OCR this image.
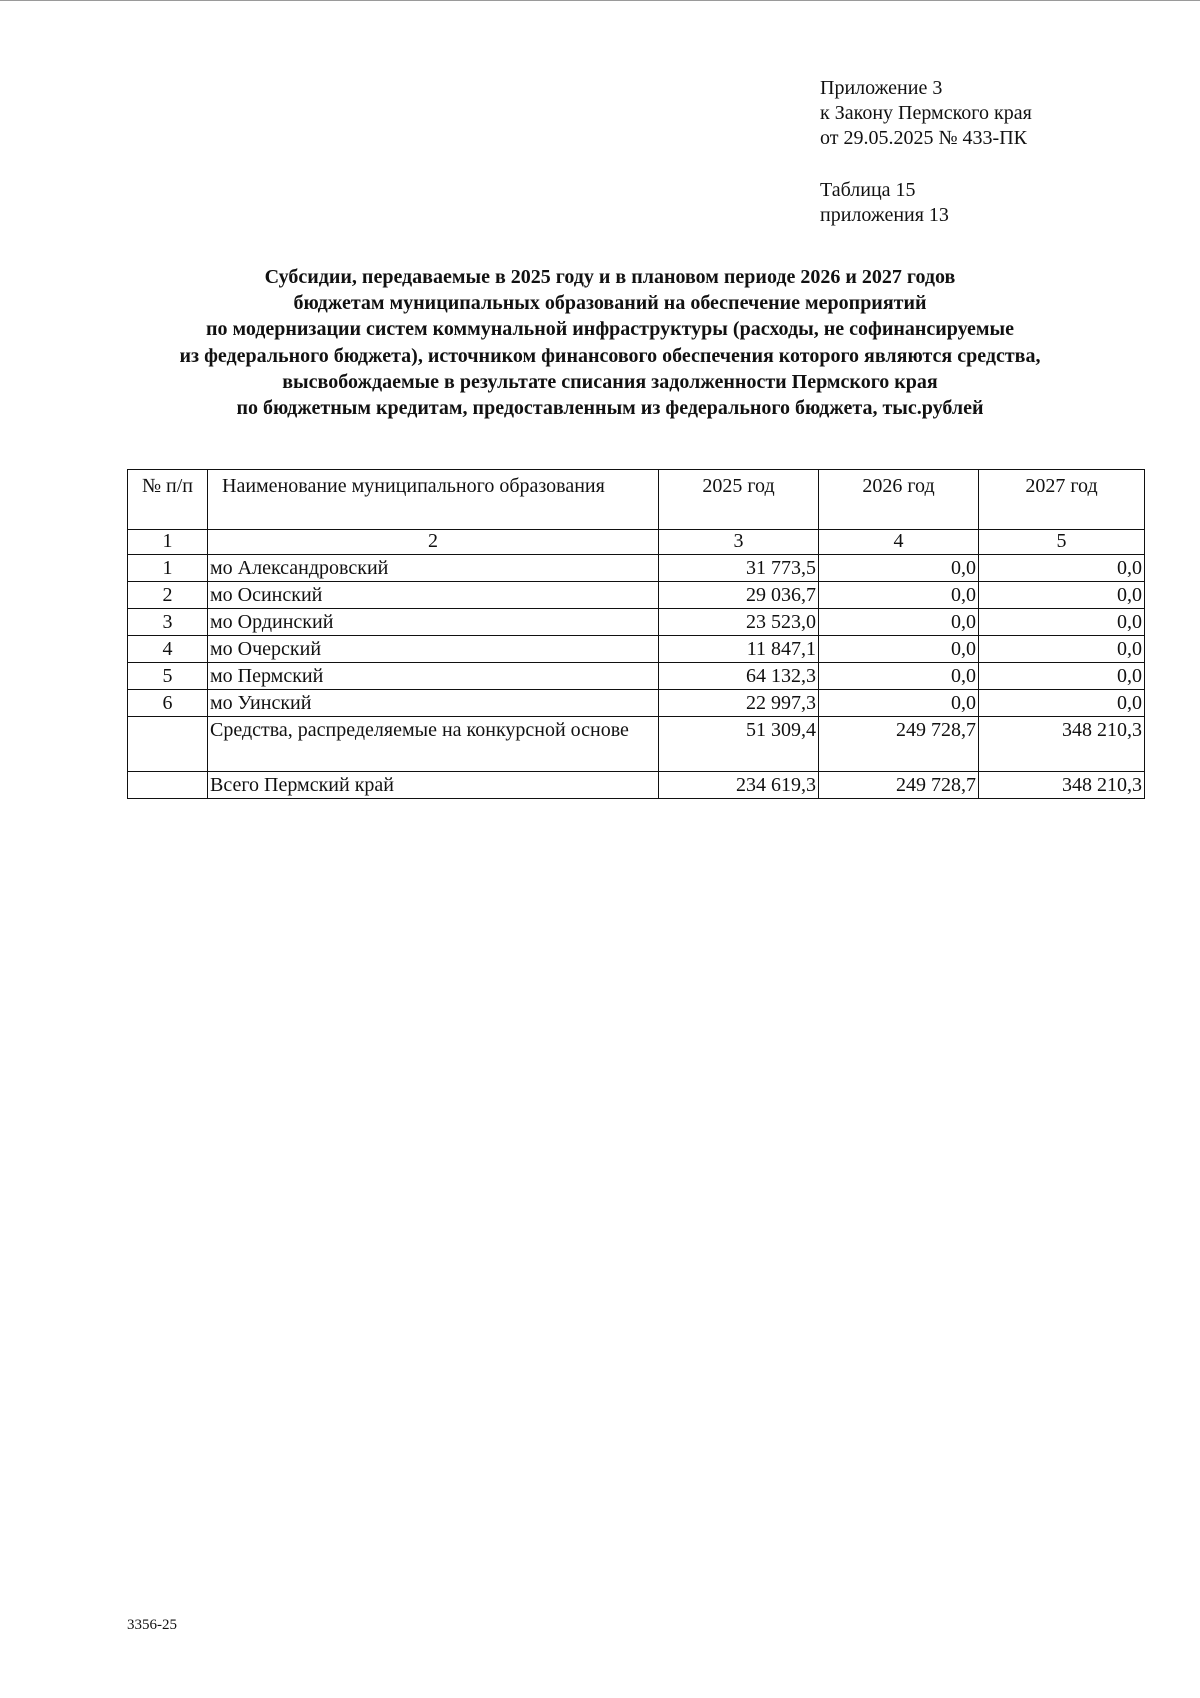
Приложение 3
к Закону Пермского края
от 29.05.2025 № 433-ПК
Таблица 15
приложения 13
Субсидии, передаваемые в 2025 году и в плановом периоде 2026 и 2027 годов
бюджетам муниципальных образований на обеспечение мероприятий
по модернизации систем коммунальной инфраструктуры (расходы, не софинансируемые
из федерального бюджета), источником финансового обеспечения которого являются средства,
высвобождаемые в результате списания задолженности Пермского края
по бюджетным кредитам, предоставленным из федерального бюджета, тыс.рублей
№ п/п	Наименование муниципального образования	2025 год	2026 год	2027 год
1	2	3	4	5
1	мо Александровский	31 773,5	0,0	0,0
2	мо Осинский	29 036,7	0,0	0,0
3	мо Ординский	23 523,0	0,0	0,0
4	мо Очерский	11 847,1	0,0	0,0
5	мо Пермский	64 132,3	0,0	0,0
6	мо Уинский	22 997,3	0,0	0,0
	Средства, распределяемые на конкурсной основе	51 309,4	249 728,7	348 210,3
	Всего Пермский край	234 619,3	249 728,7	348 210,3
3356-25
